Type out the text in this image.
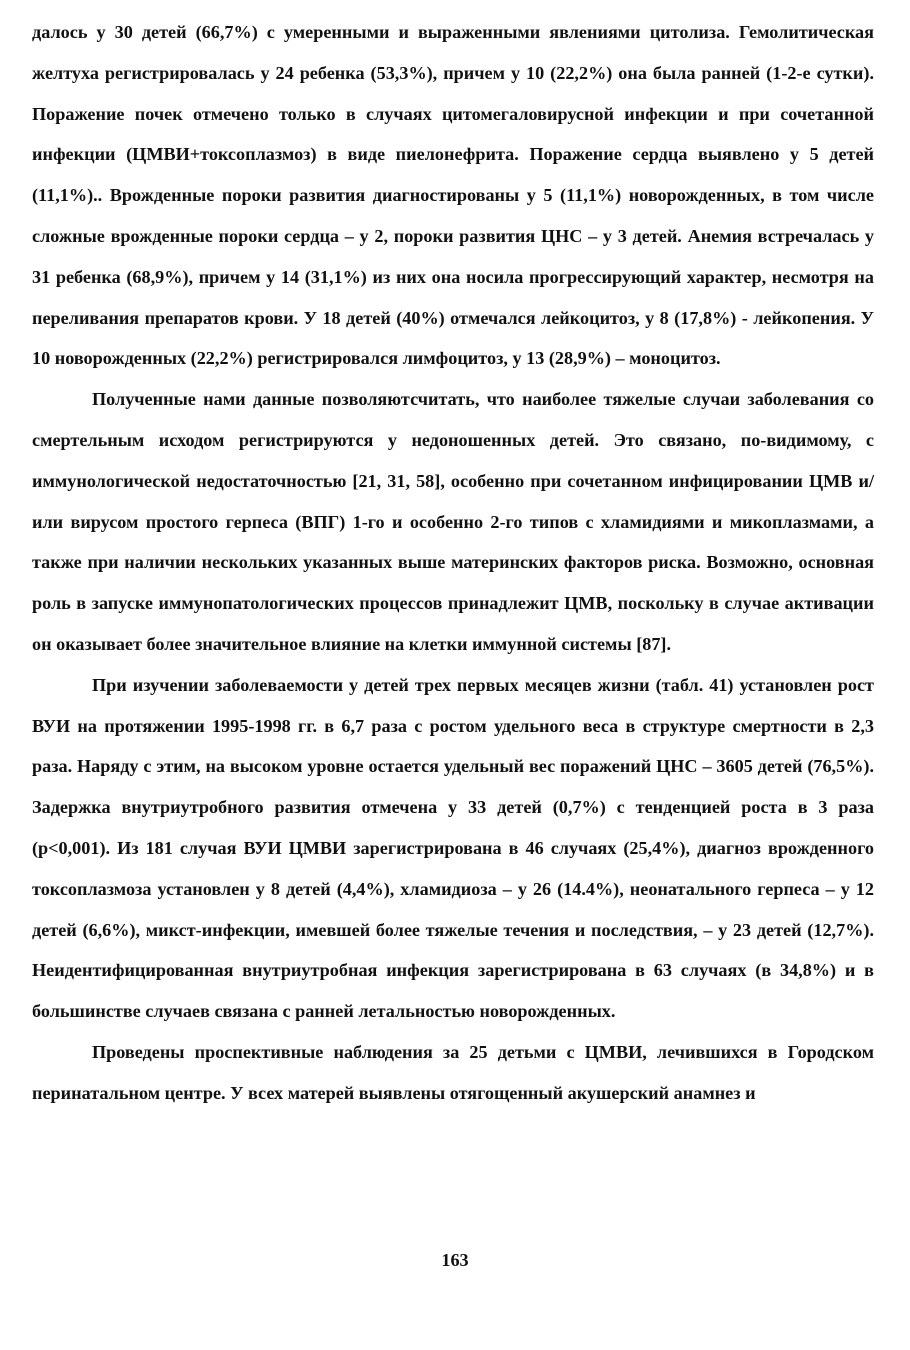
далось у 30 детей (66,7%) с умеренными и выраженными явлениями цитолиза. Гемолитическая желтуха регистрировалась у 24 ребенка (53,3%), причем у 10 (22,2%) она была ранней (1-2-е сутки). Поражение почек отмечено только в случаях цитомегаловирусной инфекции и при сочетанной инфекции (ЦМВИ+токсоплазмоз) в виде пиелонефрита. Поражение сердца выявлено у 5 детей (11,1%).. Врожденные пороки развития диагностированы у 5 (11,1%) новорожденных, в том числе сложные врожденные пороки сердца – у 2, пороки развития ЦНС – у 3 детей. Анемия встречалась у 31 ребенка (68,9%), причем у 14 (31,1%) из них она носила прогрессирующий характер, несмотря на переливания препаратов крови. У 18 детей (40%) отмечался лейкоцитоз, у 8 (17,8%) - лейкопения. У 10 новорожденных (22,2%) регистрировался лимфоцитоз, у 13 (28,9%) – моноцитоз.

Полученные нами данные позволяютсчитать, что наиболее тяжелые случаи заболевания со смертельным исходом регистрируются у недоношенных детей. Это связано, по-видимому, с иммунологической недостаточностью [21, 31, 58], особенно при сочетанном инфицировании ЦМВ и/или вирусом простого герпеса (ВПГ) 1-го и особенно 2-го типов с хламидиями и микоплазмами, а также при наличии нескольких указанных выше материнских факторов риска. Возможно, основная роль в запуске иммунопатологических процессов принадлежит ЦМВ, поскольку в случае активации он оказывает более значительное влияние на клетки иммунной системы [87].

При изучении заболеваемости у детей трех первых месяцев жизни (табл. 41) установлен рост ВУИ на протяжении 1995-1998 гг. в 6,7 раза с ростом удельного веса в структуре смертности в 2,3 раза. Наряду с этим, на высоком уровне остается удельный вес поражений ЦНС – 3605 детей (76,5%). Задержка внутриутробного развития отмечена у 33 детей (0,7%) с тенденцией роста в 3 раза (p<0,001). Из 181 случая ВУИ ЦМВИ зарегистрирована в 46 случаях (25,4%), диагноз врожденного токсоплазмоза установлен у 8 детей (4,4%), хламидиоза – у 26 (14.4%), неонатального герпеса – у 12 детей (6,6%), микст-инфекции, имевшей более тяжелые течения и последствия, – у 23 детей (12,7%). Неидентифицированная внутриутробная инфекция зарегистрирована в 63 случаях (в 34,8%) и в большинстве случаев связана с ранней летальностью новорожденных.

Проведены проспективные наблюдения за 25 детьми с ЦМВИ, лечившихся в Городском перинатальном центре. У всех матерей выявлены отягощенный акушерский анамнез и

163
